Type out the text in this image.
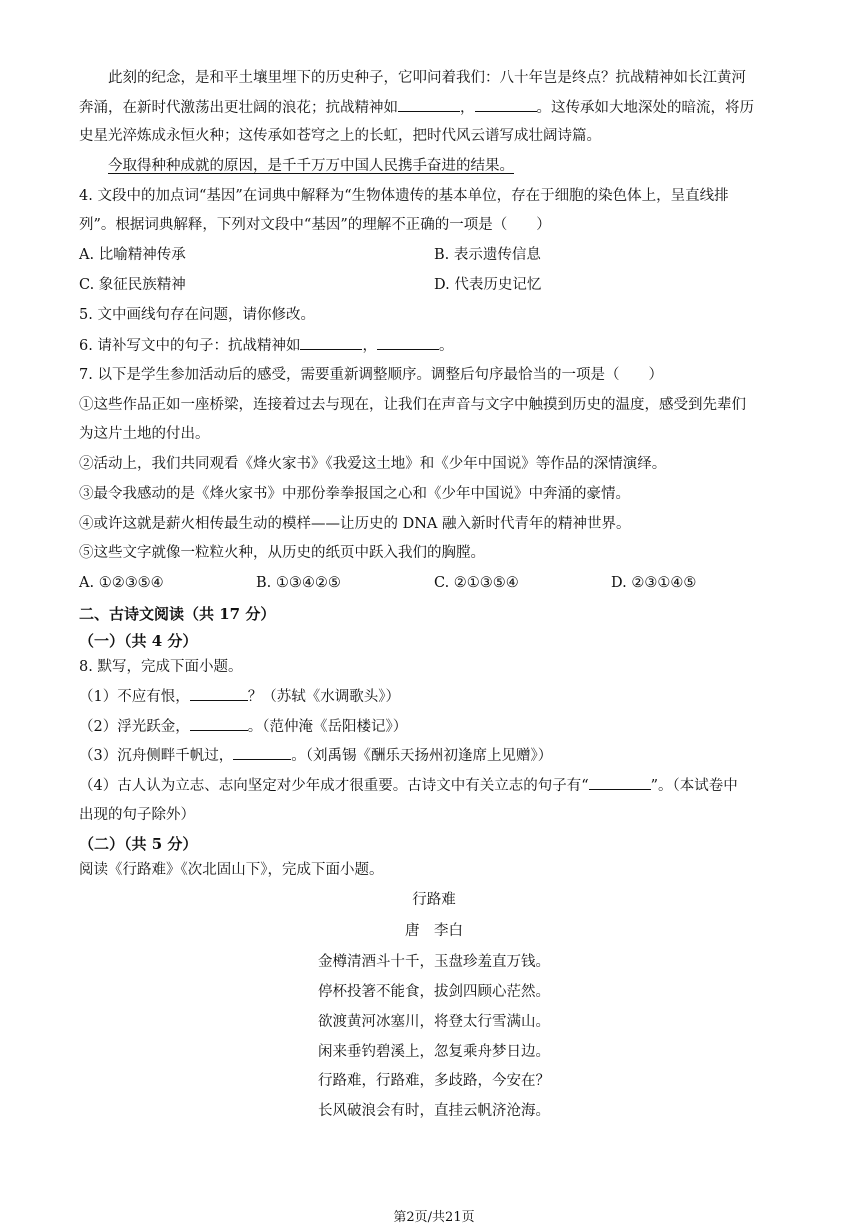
此刻的纪念，是和平土壤里埋下的历史种子，它叩问着我们：八十年岂是终点？抗战精神如长江黄河
奔涌，在新时代激荡出更壮阔的浪花；抗战精神如	，	。这传承如大地深处的暗流，将历
史星光淬炼成永恒火种；这传承如苍穹之上的长虹，把时代风云谱写成壮阔诗篇。
今取得种种成就的原因，是千千万万中国人民携手奋进的结果。
4. 文段中的加点词“基因”在词典中解释为“生物体遗传的基本单位，存在于细胞的染色体上，呈直线排
列”。根据词典解释，下列对文段中“基因”的理解不正确的一项是（　　）
A. 比喻精神传承	B. 表示遗传信息
C. 象征民族精神	D. 代表历史记忆
5. 文中画线句存在问题，请你修改。
6. 请补写文中的句子：抗战精神如	，	。
7. 以下是学生参加活动后的感受，需要重新调整顺序。调整后句序最恰当的一项是（　　）
①这些作品正如一座桥梁，连接着过去与现在，让我们在声音与文字中触摸到历史的温度，感受到先辈们
为这片土地的付出。
②活动上，我们共同观看《烽火家书》《我爱这土地》和《少年中国说》等作品的深情演绎。
③最令我感动的是《烽火家书》中那份拳拳报国之心和《少年中国说》中奔涌的豪情。
④或许这就是薪火相传最生动的模样——让历史的 DNA 融入新时代青年的精神世界。
⑤这些文字就像一粒粒火种，从历史的纸页中跃入我们的胸膛。
A. ①②③⑤④	B. ①③④②⑤	C. ②①③⑤④	D. ②③①④⑤
二、古诗文阅读（共 17 分）
（一）（共 4 分）
8. 默写，完成下面小题。
（1）不应有恨，	？（苏轼《水调歌头》）
（2）浮光跃金，	。（范仲淹《岳阳楼记》）
（3）沉舟侧畔千帆过，	。（刘禹锡《酬乐天扬州初逢席上见赠》）
（4）古人认为立志、志向坚定对少年成才很重要。古诗文中有关立志的句子有“	”。（本试卷中
出现的句子除外）
（二）（共 5 分）
阅读《行路难》《次北固山下》，完成下面小题。
行路难
唐　李白
金樽清酒斗十千，玉盘珍羞直万钱。
停杯投箸不能食，拔剑四顾心茫然。
欲渡黄河冰塞川，将登太行雪满山。
闲来垂钓碧溪上，忽复乘舟梦日边。
行路难，行路难，多歧路，今安在？
长风破浪会有时，直挂云帆济沧海。
第2页/共21页
